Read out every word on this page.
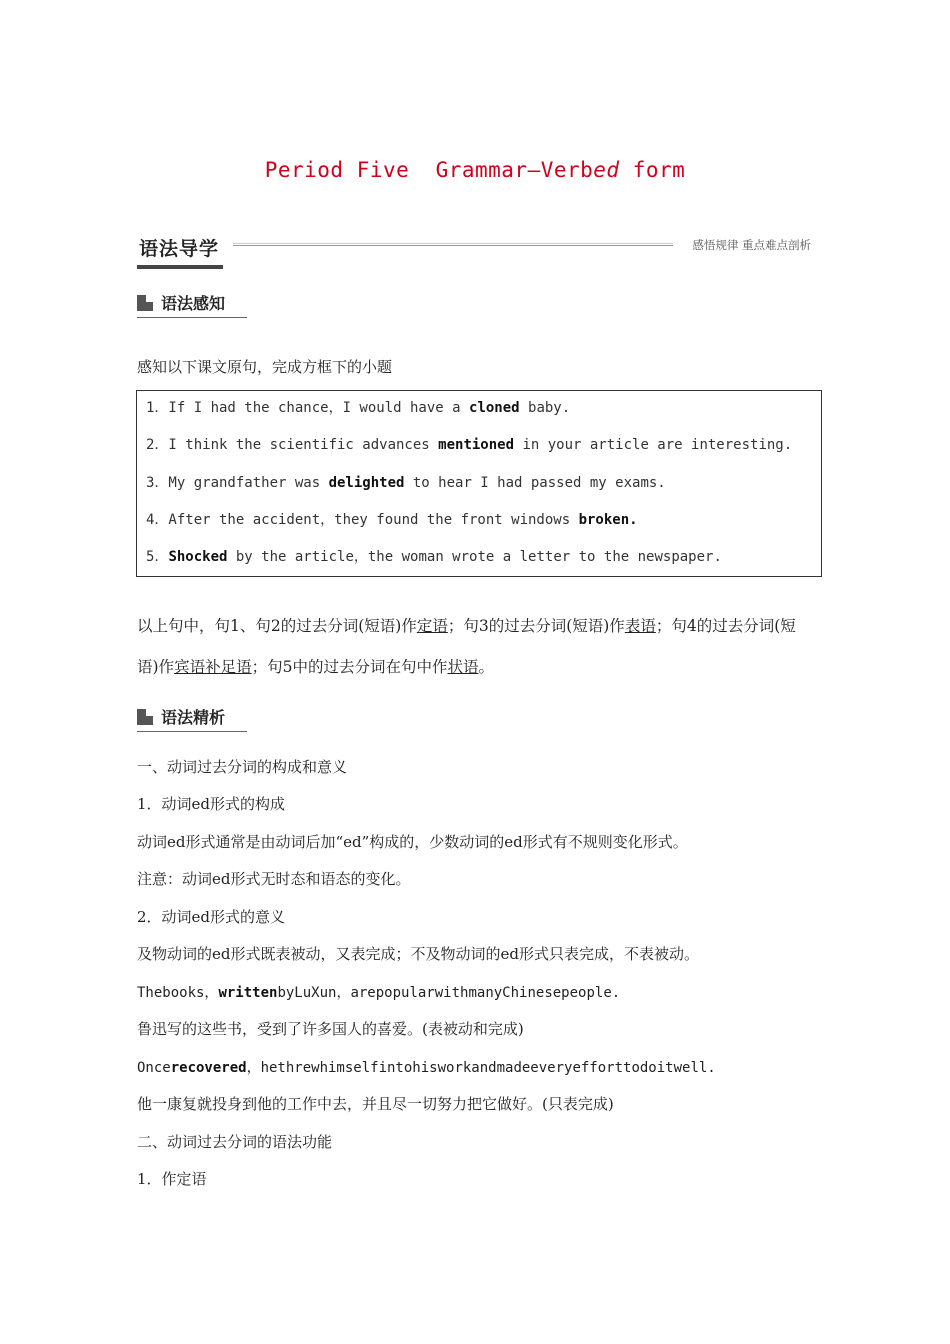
Period Five  Grammar—Verbed form
语法导学	感悟规律 重点难点剖析
语法感知
感知以下课文原句，完成方框下的小题
1．If I had the chance，I would have a cloned baby.
2．I think the scientific advances mentioned in your article are interesting.
3．My grandfather was delighted to hear I had passed my exams.
4．After the accident，they found the front windows broken.
5．Shocked by the article，the woman wrote a letter to the newspaper.
以上句中，句1、句2的过去分词(短语)作定语；句3的过去分词(短语)作表语；句4的过去分词(短语)作宾语补足语；句5中的过去分词在句中作状语。
语法精析
一、动词过去分词的构成和意义
1．动词ed形式的构成
动词ed形式通常是由动词后加“ed”构成的，少数动词的ed形式有不规则变化形式。
注意：动词ed形式无时态和语态的变化。
2．动词ed形式的意义
及物动词的ed形式既表被动，又表完成；不及物动词的ed形式只表完成，不表被动。
Thebooks，writtenbyLuXun，arepopularwithmanyChinesepeople.
鲁迅写的这些书，受到了许多国人的喜爱。(表被动和完成)
Oncerecovered，hethrewhimselfintohisworkandmadeeveryefforttodoitwell.
他一康复就投身到他的工作中去，并且尽一切努力把它做好。(只表完成)
二、动词过去分词的语法功能
1．作定语
